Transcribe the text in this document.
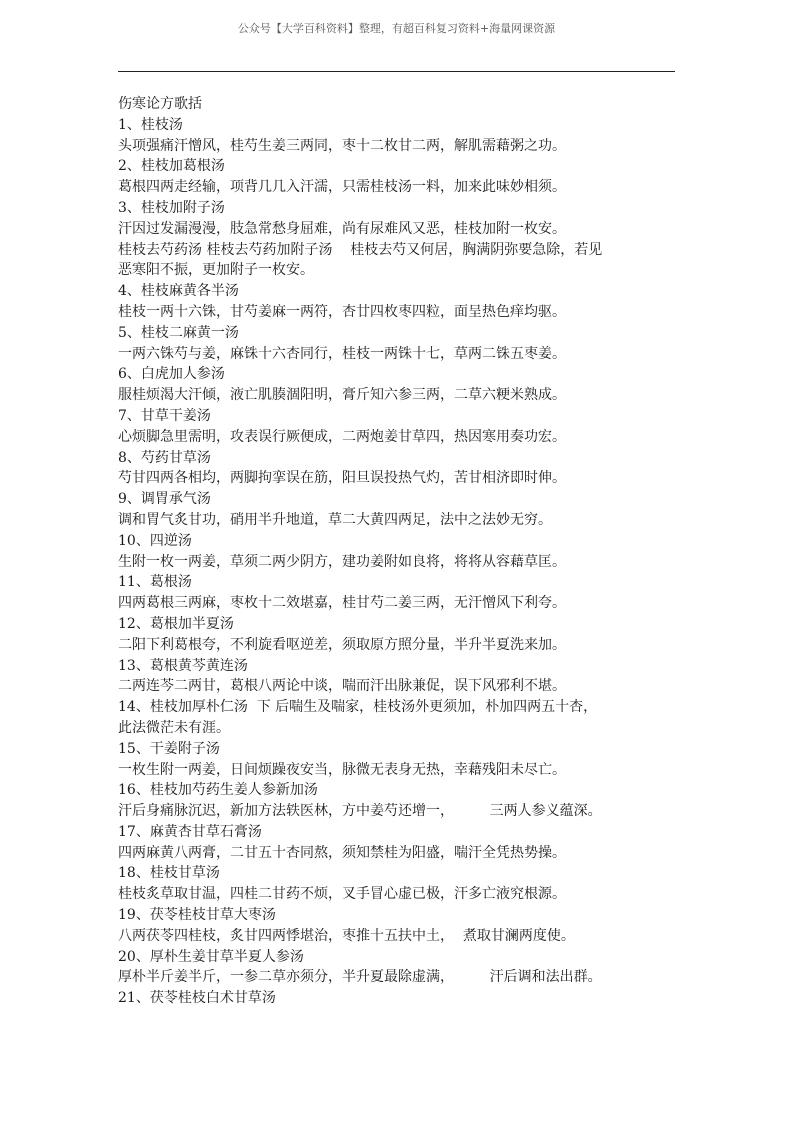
公众号【大学百科资料】整理，有超百科复习资料+海量网课资源

伤寒论方歌括

1、桂枝汤

头项强痛汗憎风，桂芍生姜三两同，枣十二枚甘二两，解肌需藉粥之功。

2、桂枝加葛根汤

葛根四两走经输，项背几几入汗濡，只需桂枝汤一料，加来此味妙相须。

3、桂枝加附子汤

汗因过发漏漫漫，肢急常愁身屈难，尚有尿难风又恶，桂枝加附一枚安。

桂枝去芍药汤 桂枝去芍药加附子汤    桂枝去芍又何居，胸满阴弥要急除，若见

恶寒阳不振，更加附子一枚安。

4、桂枝麻黄各半汤

桂枝一两十六铢，甘芍姜麻一两符，杏廿四枚枣四粒，面呈热色痒均驱。

5、桂枝二麻黄一汤

一两六铢芍与姜，麻铢十六杏同行，桂枝一两铢十七，草两二铢五枣姜。

6、白虎加人参汤

服桂烦渴大汗倾，液亡肌腠涸阳明，膏斤知六参三两，二草六粳米熟成。

7、甘草干姜汤

心烦脚急里需明，攻表误行厥便成，二两炮姜甘草四，热因寒用奏功宏。

8、芍药甘草汤

芍甘四两各相均，两脚拘挛误在筋，阳旦误投热气灼，苦甘相济即时伸。

9、调胃承气汤

调和胃气炙甘功，硝用半升地道，草二大黄四两足，法中之法妙无穷。

10、四逆汤

生附一枚一两姜，草须二两少阴方，建功姜附如良将，将将从容藉草匡。

11、葛根汤

四两葛根三两麻，枣枚十二效堪嘉，桂甘芍二姜三两，无汗憎风下利夸。

12、葛根加半夏汤

二阳下利葛根夸，不利旋看呕逆差，须取原方照分量，半升半夏洗来加。

13、葛根黄芩黄连汤

二两连芩二两甘，葛根八两论中谈，喘而汗出脉兼促，误下风邪利不堪。

14、桂枝加厚朴仁汤  下 后喘生及喘家，桂枝汤外更须加，朴加四两五十杏，

此法微茫未有涯。

15、干姜附子汤

一枚生附一两姜，日间烦躁夜安当，脉微无表身无热，幸藉残阳未尽亡。

16、桂枝加芍药生姜人参新加汤

汗后身痛脉沉迟，新加方法轶医林，方中姜芍还增一，        三两人参义蕴深。

17、麻黄杏甘草石膏汤

四两麻黄八两膏，二甘五十杏同熬，须知禁桂为阳盛，喘汗全凭热势操。

18、桂枝甘草汤

桂枝炙草取甘温，四桂二甘药不烦，叉手冒心虚已极，汗多亡液究根源。

19、茯苓桂枝甘草大枣汤

八两茯苓四桂枝，炙甘四两悸堪治，枣推十五扶中土，  煮取甘澜两度使。

20、厚朴生姜甘草半夏人参汤

厚朴半斤姜半斤，一参二草亦须分，半升夏最除虚满，        汗后调和法出群。

21、茯苓桂枝白术甘草汤
